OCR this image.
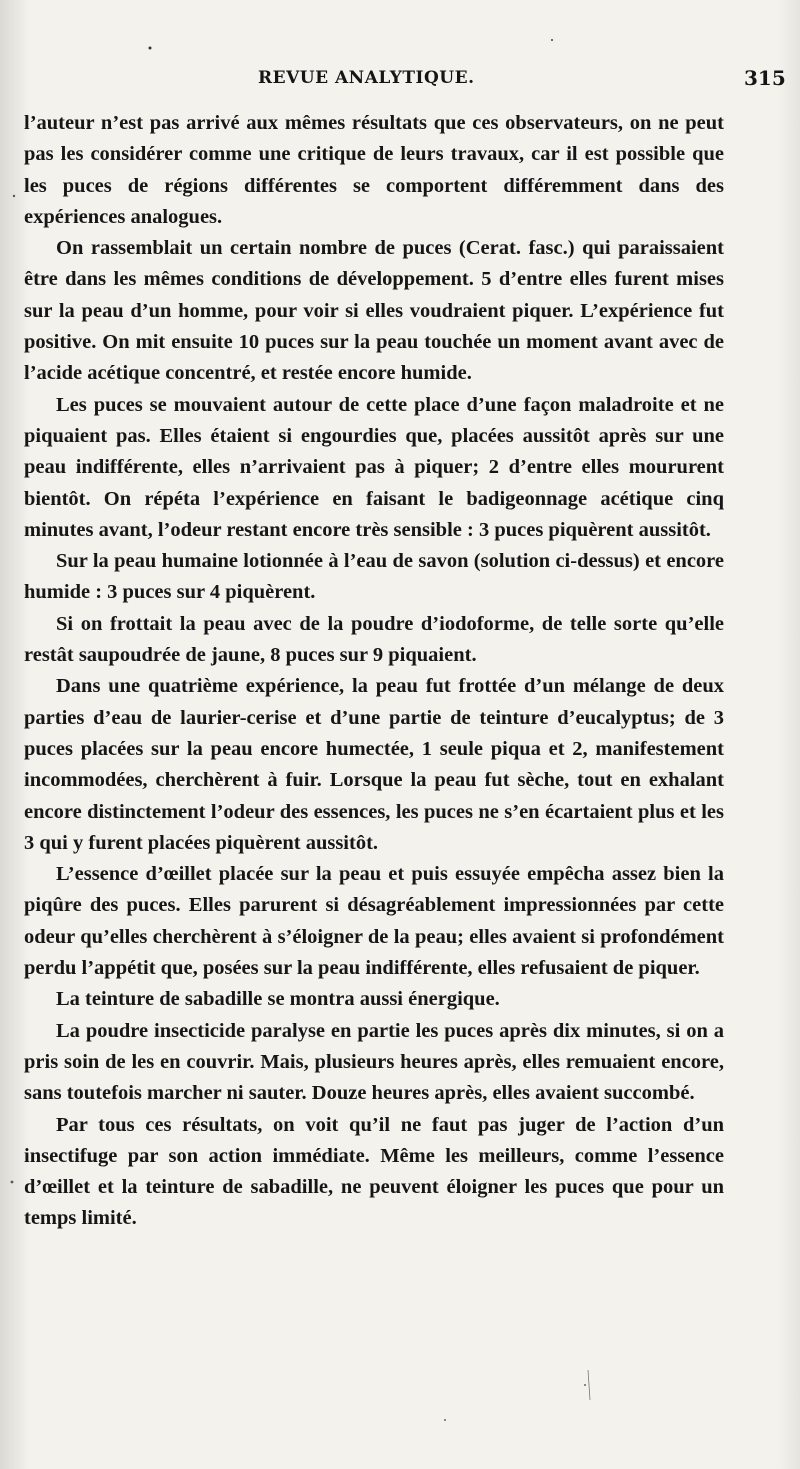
REVUE ANALYTIQUE.	315

l’auteur n’est pas arrivé aux mêmes résultats que ces observateurs, on ne peut pas les considérer comme une critique de leurs travaux, car il est possible que les puces de régions différentes se comportent différemment dans des expériences analogues.

On rassemblait un certain nombre de puces (Cerat. fasc.) qui paraissaient être dans les mêmes conditions de développement. 5 d’entre elles furent mises sur la peau d’un homme, pour voir si elles voudraient piquer. L’expérience fut positive. On mit ensuite 10 puces sur la peau touchée un moment avant avec de l’acide acétique concentré, et restée encore humide.

Les puces se mouvaient autour de cette place d’une façon maladroite et ne piquaient pas. Elles étaient si engourdies que, placées aussitôt après sur une peau indifférente, elles n’arrivaient pas à piquer; 2 d’entre elles moururent bientôt. On répéta l’expérience en faisant le badigeonnage acétique cinq minutes avant, l’odeur restant encore très sensible : 3 puces piquèrent aussitôt.

Sur la peau humaine lotionnée à l’eau de savon (solution ci-dessus) et encore humide : 3 puces sur 4 piquèrent.

Si on frottait la peau avec de la poudre d’iodoforme, de telle sorte qu’elle restât saupoudrée de jaune, 8 puces sur 9 piquaient.

Dans une quatrième expérience, la peau fut frottée d’un mélange de deux parties d’eau de laurier-cerise et d’une partie de teinture d’eucalyptus; de 3 puces placées sur la peau encore humectée, 1 seule piqua et 2, manifestement incommodées, cherchèrent à fuir. Lorsque la peau fut sèche, tout en exhalant encore distinctement l’odeur des essences, les puces ne s’en écartaient plus et les 3 qui y furent placées piquèrent aussitôt.

L’essence d’œillet placée sur la peau et puis essuyée empêcha assez bien la piqûre des puces. Elles parurent si désagréablement impressionnées par cette odeur qu’elles cherchèrent à s’éloigner de la peau; elles avaient si profondément perdu l’appétit que, posées sur la peau indifférente, elles refusaient de piquer.

La teinture de sabadille se montra aussi énergique.

La poudre insecticide paralyse en partie les puces après dix minutes, si on a pris soin de les en couvrir. Mais, plusieurs heures après, elles remuaient encore, sans toutefois marcher ni sauter. Douze heures après, elles avaient succombé.

Par tous ces résultats, on voit qu’il ne faut pas juger de l’action d’un insectifuge par son action immédiate. Même les meilleurs, comme l’essence d’œillet et la teinture de sabadille, ne peuvent éloigner les puces que pour un temps limité.
